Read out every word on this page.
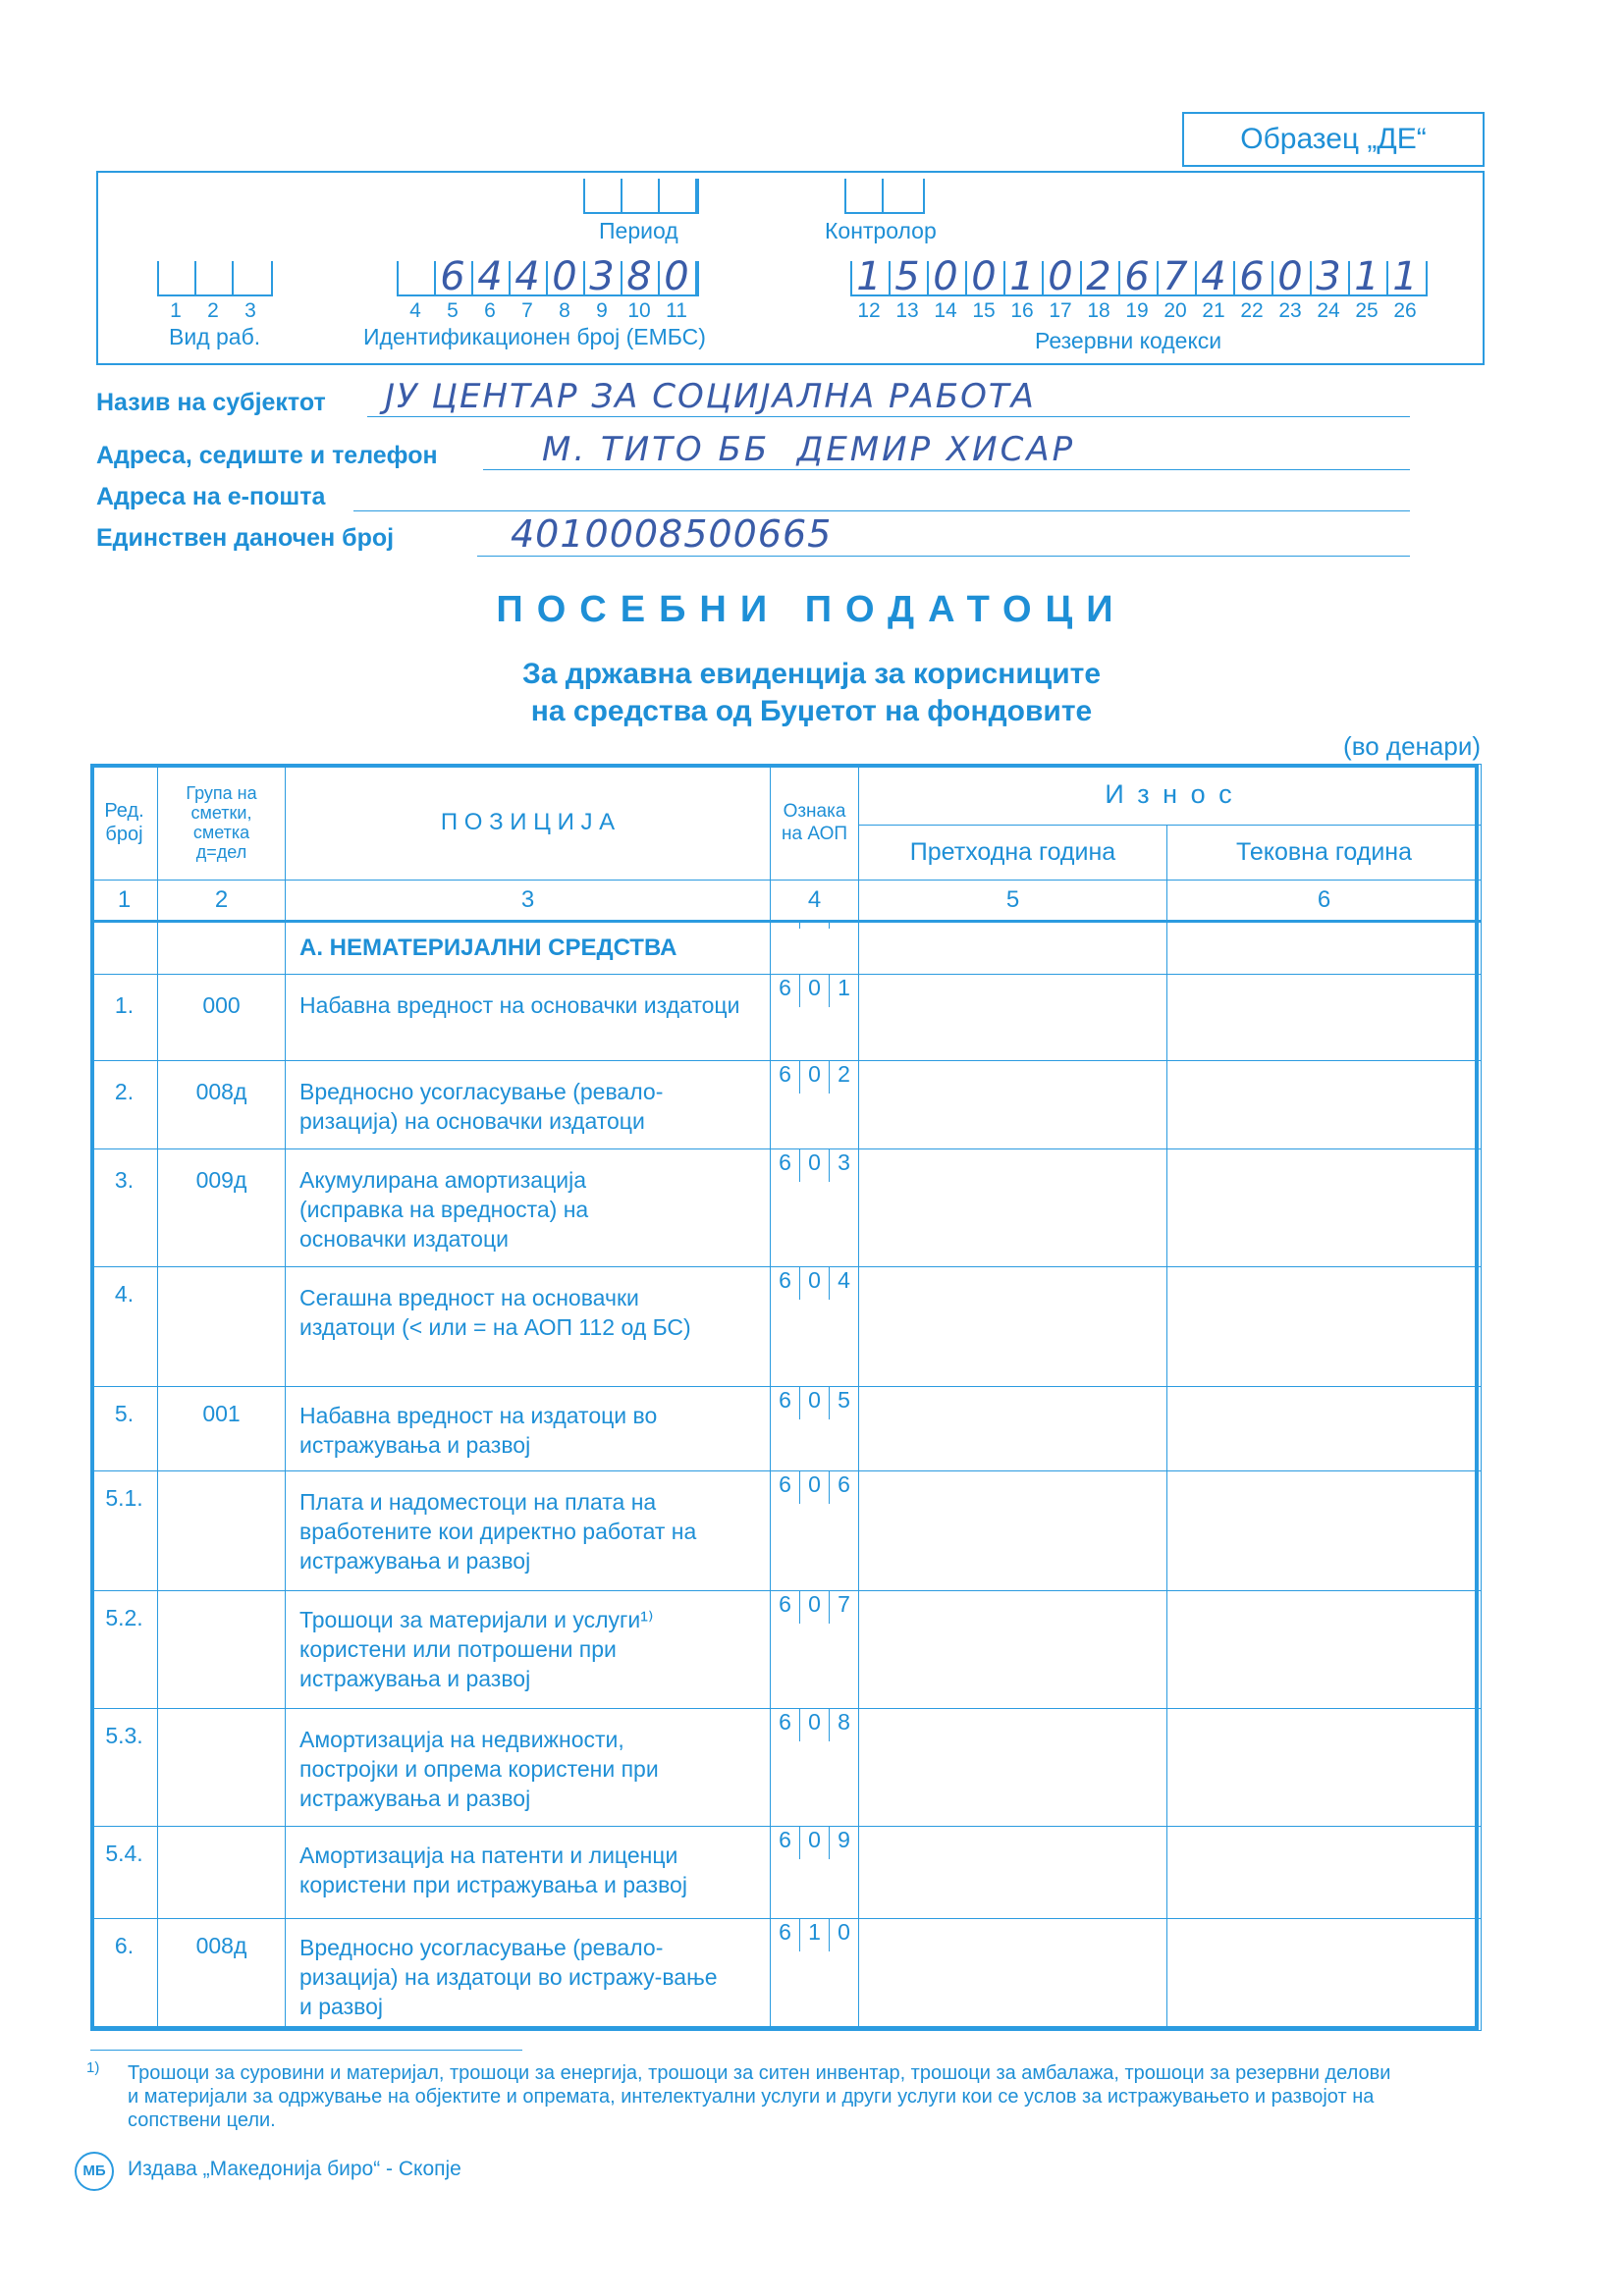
Образец „ДЕ“
Период	Контролор
1	2	3
Вид раб.
6 4 4 0 3 8 0
4	5	6	7	8	9 10 11
Идентификационен број (ЕМБС)
1 5 0 0 1 0 2 6 7 4 6 0 3 1 1
12 13 14 15 16 17 18 19 20 21 22 23 24 25 26
Резервни кодекси
Назив на субјектот ЈУ ЦЕНТАР ЗА СОЦИЈАЛНА РАБОТА
Адреса, седиште и телефон	М. ТИТО ББ  ДЕМИР ХИСАР
Адреса на е-пошта
Единствен даночен број	4010008500665
ПОСЕБНИ ПОДАТОЦИ
За државна евиденција за корисниците
на средства од Буџетот на фондовите
(во денари)
Ред. број	Група на сметки, сметка д=дел	П О З И Ц И Ј А	Ознака на АОП	И з н о с	
				Претходна година	Тековна година
1	2	3	4	5	6
		А. НЕМАТЕРИЈАЛНИ СРЕДСТВА	

1.	000	Набавна вредност на основачки издатоци	6 0 1		

2.	008д	Вредносно усогласување (ревало-ризација) на основачки издатоци	6 0 2		

3.	009д	Акумулирана амортизација (исправка на вредноста) на основачки издатоци	6 0 3		

4.		Сегашна вредност на основачки издатоци (< или = на АОП 112 од БС)	6 0 4		

5.	001	Набавна вредност на издатоци во истражувања и развој	6 0 5		

5.1.		Плата и надоместоци на плата на вработените кои директно работат на истражувања и развој	6 0 6		

5.2.		Трошоци за материјали и услуги¹⁾ користени или потрошени при истражувања и развој	6 0 7		

5.3.		Амортизација на недвижности, постројки и опрема користени при истражувања и развој	6 0 8		

5.4.		Амортизација на патенти и лиценци користени при истражувања и развој	6 0 9		

6.	008д	Вредносно усогласување (ревало-ризација) на издатоци во истражу-вање и развој	6 1 0		

1) Трошоци за суровини и материјал, трошоци за енергија, трошоци за ситен инвентар, трошоци за амбалажа, трошоци за резервни делови и материјали за одржување на објектите и опремата, интелектуални услуги и други услуги кои се услов за истражувањето и развојот на сопствени цели.
МБ	Издава „Македонија биро“ - Скопје
